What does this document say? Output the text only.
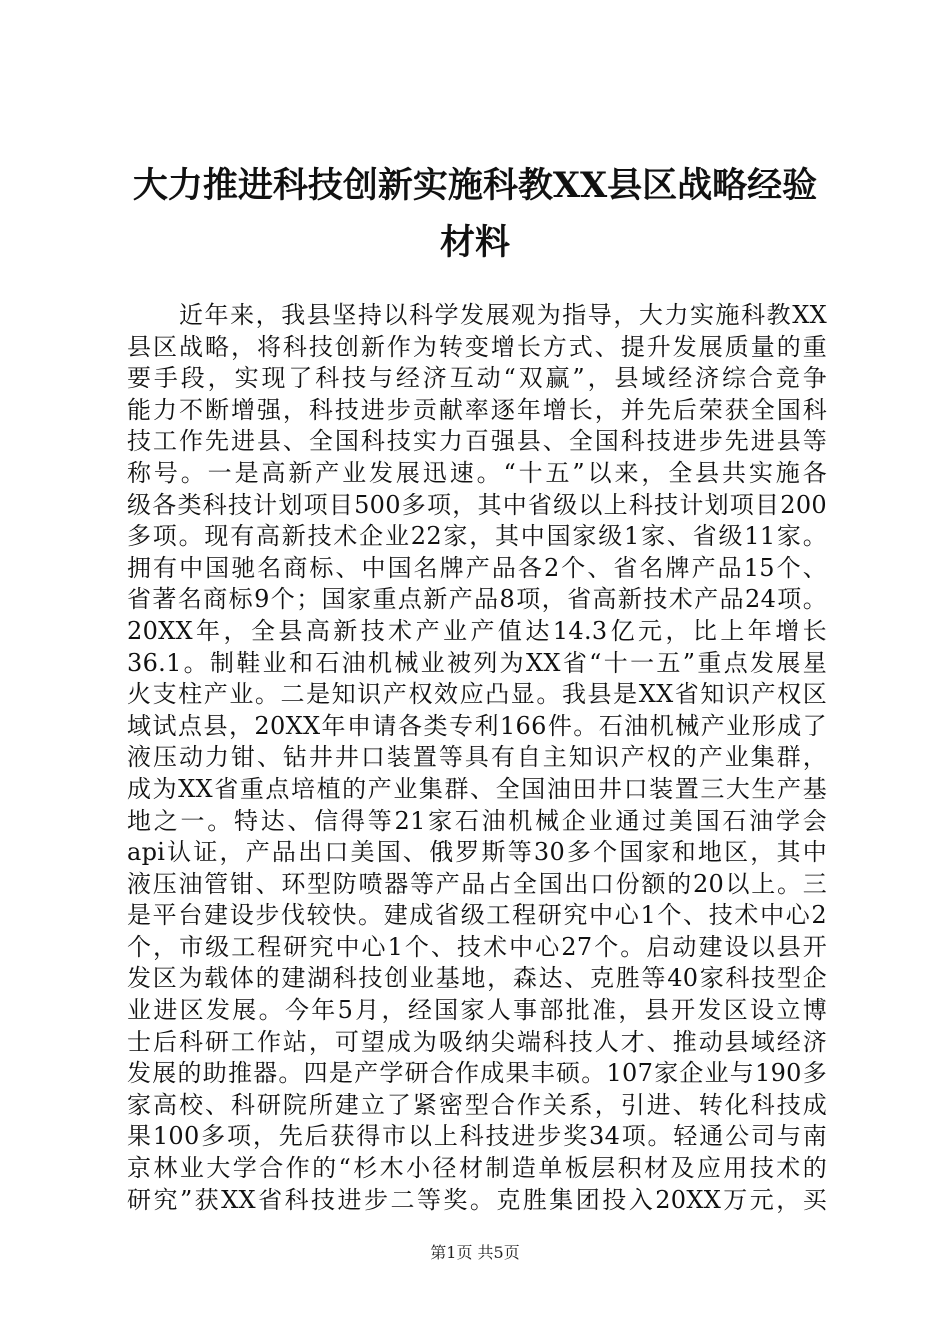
大力推进科技创新实施科教XX县区战略经验
材料
近年来，我县坚持以科学发展观为指导，大力实施科教XX
县区战略，将科技创新作为转变增长方式、提升发展质量的重
要手段，实现了科技与经济互动“双赢”，县域经济综合竞争
能力不断增强，科技进步贡献率逐年增长，并先后荣获全国科
技工作先进县、全国科技实力百强县、全国科技进步先进县等
称号。一是高新产业发展迅速。“十五”以来，全县共实施各
级各类科技计划项目500多项，其中省级以上科技计划项目200
多项。现有高新技术企业22家，其中国家级1家、省级11家。
拥有中国驰名商标、中国名牌产品各2个、省名牌产品15个、
省著名商标9个；国家重点新产品8项，省高新技术产品24项。
20XX年，全县高新技术产业产值达14.3亿元，比上年增长
36.1。制鞋业和石油机械业被列为XX省“十一五”重点发展星
火支柱产业。二是知识产权效应凸显。我县是XX省知识产权区
域试点县，20XX年申请各类专利166件。石油机械产业形成了
液压动力钳、钻井井口装置等具有自主知识产权的产业集群，
成为XX省重点培植的产业集群、全国油田井口装置三大生产基
地之一。特达、信得等21家石油机械企业通过美国石油学会
api认证，产品出口美国、俄罗斯等30多个国家和地区，其中
液压油管钳、环型防喷器等产品占全国出口份额的20以上。三
是平台建设步伐较快。建成省级工程研究中心1个、技术中心2
个，市级工程研究中心1个、技术中心27个。启动建设以县开
发区为载体的建湖科技创业基地，森达、克胜等40家科技型企
业进区发展。今年5月，经国家人事部批准，县开发区设立博
士后科研工作站，可望成为吸纳尖端科技人才、推动县域经济
发展的助推器。四是产学研合作成果丰硕。107家企业与190多
家高校、科研院所建立了紧密型合作关系，引进、转化科技成
果100多项，先后获得市以上科技进步奖34项。轻通公司与南
京林业大学合作的“杉木小径材制造单板层积材及应用技术的
研究”获XX省科技进步二等奖。克胜集团投入20XX万元，买
第1页 共5页
